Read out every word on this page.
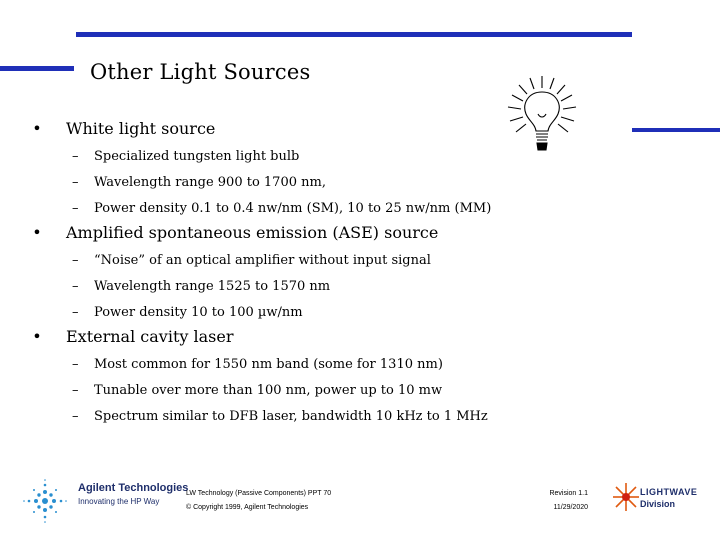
Other Light Sources
• White light source
– Specialized tungsten light bulb
– Wavelength range 900 to 1700 nm,
– Power density 0.1 to 0.4 nw/nm (SM), 10 to 25 nw/nm (MM)
• Amplified spontaneous emission (ASE) source
– “Noise” of an optical amplifier without input signal
– Wavelength range 1525 to 1570 nm
– Power density 10 to 100 µw/nm
• External cavity laser
– Most common for 1550 nm band (some for 1310 nm)
– Tunable over more than 100 nm, power up to 10 mw
– Spectrum similar to DFB laser, bandwidth 10 kHz to 1 MHz
Agilent Technologies
Innovating the HP Way
LW Technology (Passive Components) PPT 70
© Copyright 1999, Agilent Technologies
Revision 1.1
11/29/2020
LIGHTWAVE
Division
